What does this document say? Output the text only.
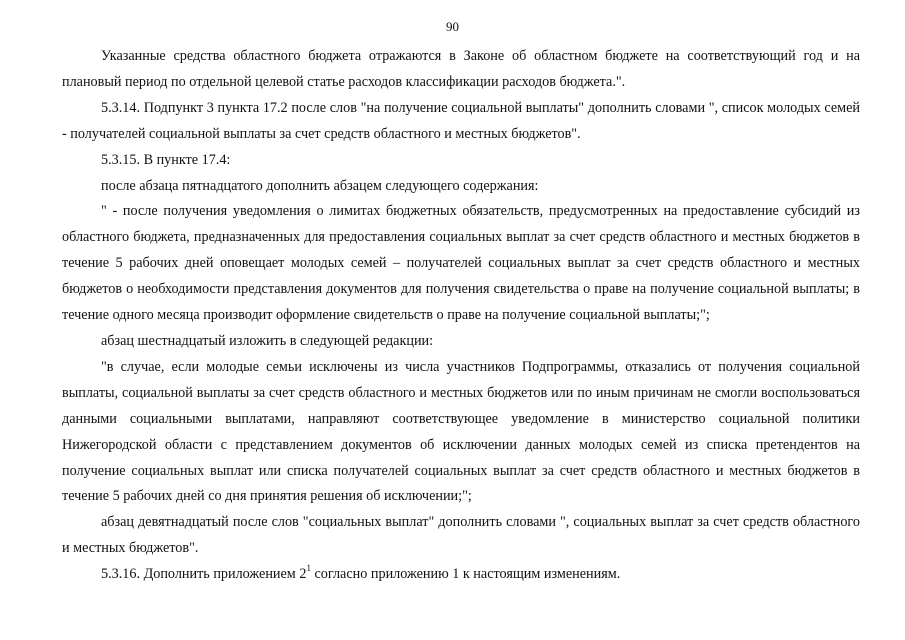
90

Указанные средства областного бюджета отражаются в Законе об областном бюджете на соответствующий год и на плановый период по отдельной целевой статье расходов классификации расходов бюджета.".

5.3.14. Подпункт 3 пункта 17.2 после слов "на получение социальной выплаты" дополнить словами ", список молодых семей - получателей социальной выплаты за счет средств областного и местных бюджетов".

5.3.15. В пункте 17.4:

после абзаца пятнадцатого дополнить абзацем следующего содержания:

" - после получения уведомления о лимитах бюджетных обязательств, предусмотренных на предоставление субсидий из областного бюджета, предназначенных для предоставления социальных выплат за счет средств областного и местных бюджетов в течение 5 рабочих дней оповещает молодых семей – получателей социальных выплат за счет средств областного и местных бюджетов о необходимости представления документов для получения свидетельства о праве на получение социальной выплаты; в течение одного месяца производит оформление свидетельств о праве на получение социальной выплаты;";

абзац шестнадцатый изложить в следующей редакции:

"в случае, если молодые семьи исключены из числа участников Подпрограммы, отказались от получения социальной выплаты, социальной выплаты за счет средств областного и местных бюджетов или по иным причинам не смогли воспользоваться данными социальными выплатами, направляют соответствующее уведомление в министерство социальной политики Нижегородской области с представлением документов об исключении данных молодых семей из списка претендентов на получение социальных выплат или списка получателей социальных выплат за счет средств областного и местных бюджетов в течение 5 рабочих дней со дня принятия решения об исключении;";

абзац девятнадцатый после слов "социальных выплат" дополнить словами ", социальных выплат за счет средств областного и местных бюджетов".

5.3.16. Дополнить приложением $2^1$ согласно приложению 1 к настоящим изменениям.
